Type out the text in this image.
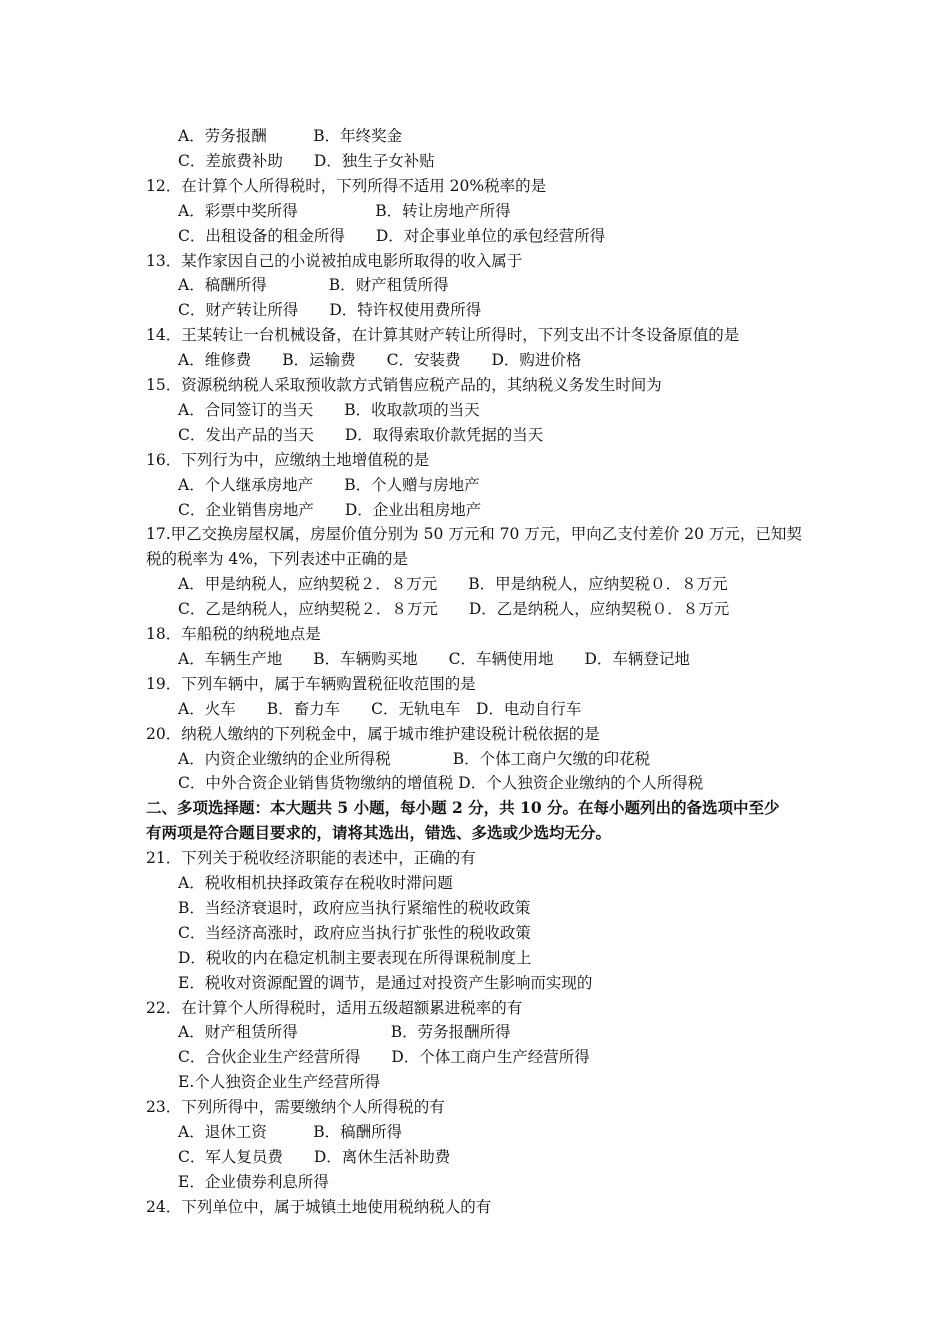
A．劳务报酬　　　B．年终奖金
C．差旅费补助　　D．独生子女补贴
12．在计算个人所得税时，下列所得不适用 20%税率的是
A．彩票中奖所得　　　　　B．转让房地产所得
C．出租设备的租金所得　　D．对企事业单位的承包经营所得
13．某作家因自己的小说被拍成电影所取得的收入属于
A．稿酬所得　　　　B．财产租赁所得
C．财产转让所得　　D．特许权使用费所得
14．王某转让一台机械设备，在计算其财产转让所得时，下列支出不计冬设备原值的是
A．维修费　　B．运输费　　C．安装费　　D．购进价格
15．资源税纳税人采取预收款方式销售应税产品的，其纳税义务发生时间为
A．合同签订的当天　　B．收取款项的当天
C．发出产品的当天　　D．取得索取价款凭据的当天
16．下列行为中，应缴纳土地增值税的是
A．个人继承房地产　　B．个人赠与房地产
C．企业销售房地产　　D．企业出租房地产
17.甲乙交换房屋权属，房屋价值分别为 50 万元和 70 万元，甲向乙支付差价 20 万元，已知契
税的税率为 4%，下列表述中正确的是
A．甲是纳税人，应纳契税２．８万元　　B．甲是纳税人，应纳契税０．８万元
C．乙是纳税人，应纳契税２．８万元　　D．乙是纳税人，应纳契税０．８万元
18．车船税的纳税地点是
A．车辆生产地　　B．车辆购买地　　C．车辆使用地　　D．车辆登记地
19．下列车辆中，属于车辆购置税征收范围的是
A．火车　　B．畜力车　　C．无轨电车　D．电动自行车
20．纳税人缴纳的下列税金中，属于城市维护建设税计税依据的是
A．内资企业缴纳的企业所得税　　　　B．个体工商户欠缴的印花税
C．中外合资企业销售货物缴纳的增值税 D．个人独资企业缴纳的个人所得税
二、多项选择题：本大题共 5 小题，每小题 2 分，共 10 分。在每小题列出的备选项中至少
有两项是符合题目要求的，请将其选出，错选、多选或少选均无分。
21．下列关于税收经济职能的表述中，正确的有
A．税收相机抉择政策存在税收时滞问题
B．当经济衰退时，政府应当执行紧缩性的税收政策
C．当经济高涨时，政府应当执行扩张性的税收政策
D．税收的内在稳定机制主要表现在所得课税制度上
E．税收对资源配置的调节，是通过对投资产生影响而实现的
22．在计算个人所得税时，适用五级超额累进税率的有
A．财产租赁所得　　　　　　B．劳务报酬所得
C．合伙企业生产经营所得　　D．个体工商户生产经营所得
E.个人独资企业生产经营所得
23．下列所得中，需要缴纳个人所得税的有
A．退休工资　　　B．稿酬所得
C．军人复员费　　D．离休生活补助费
E．企业债券利息所得
24．下列单位中，属于城镇土地使用税纳税人的有
